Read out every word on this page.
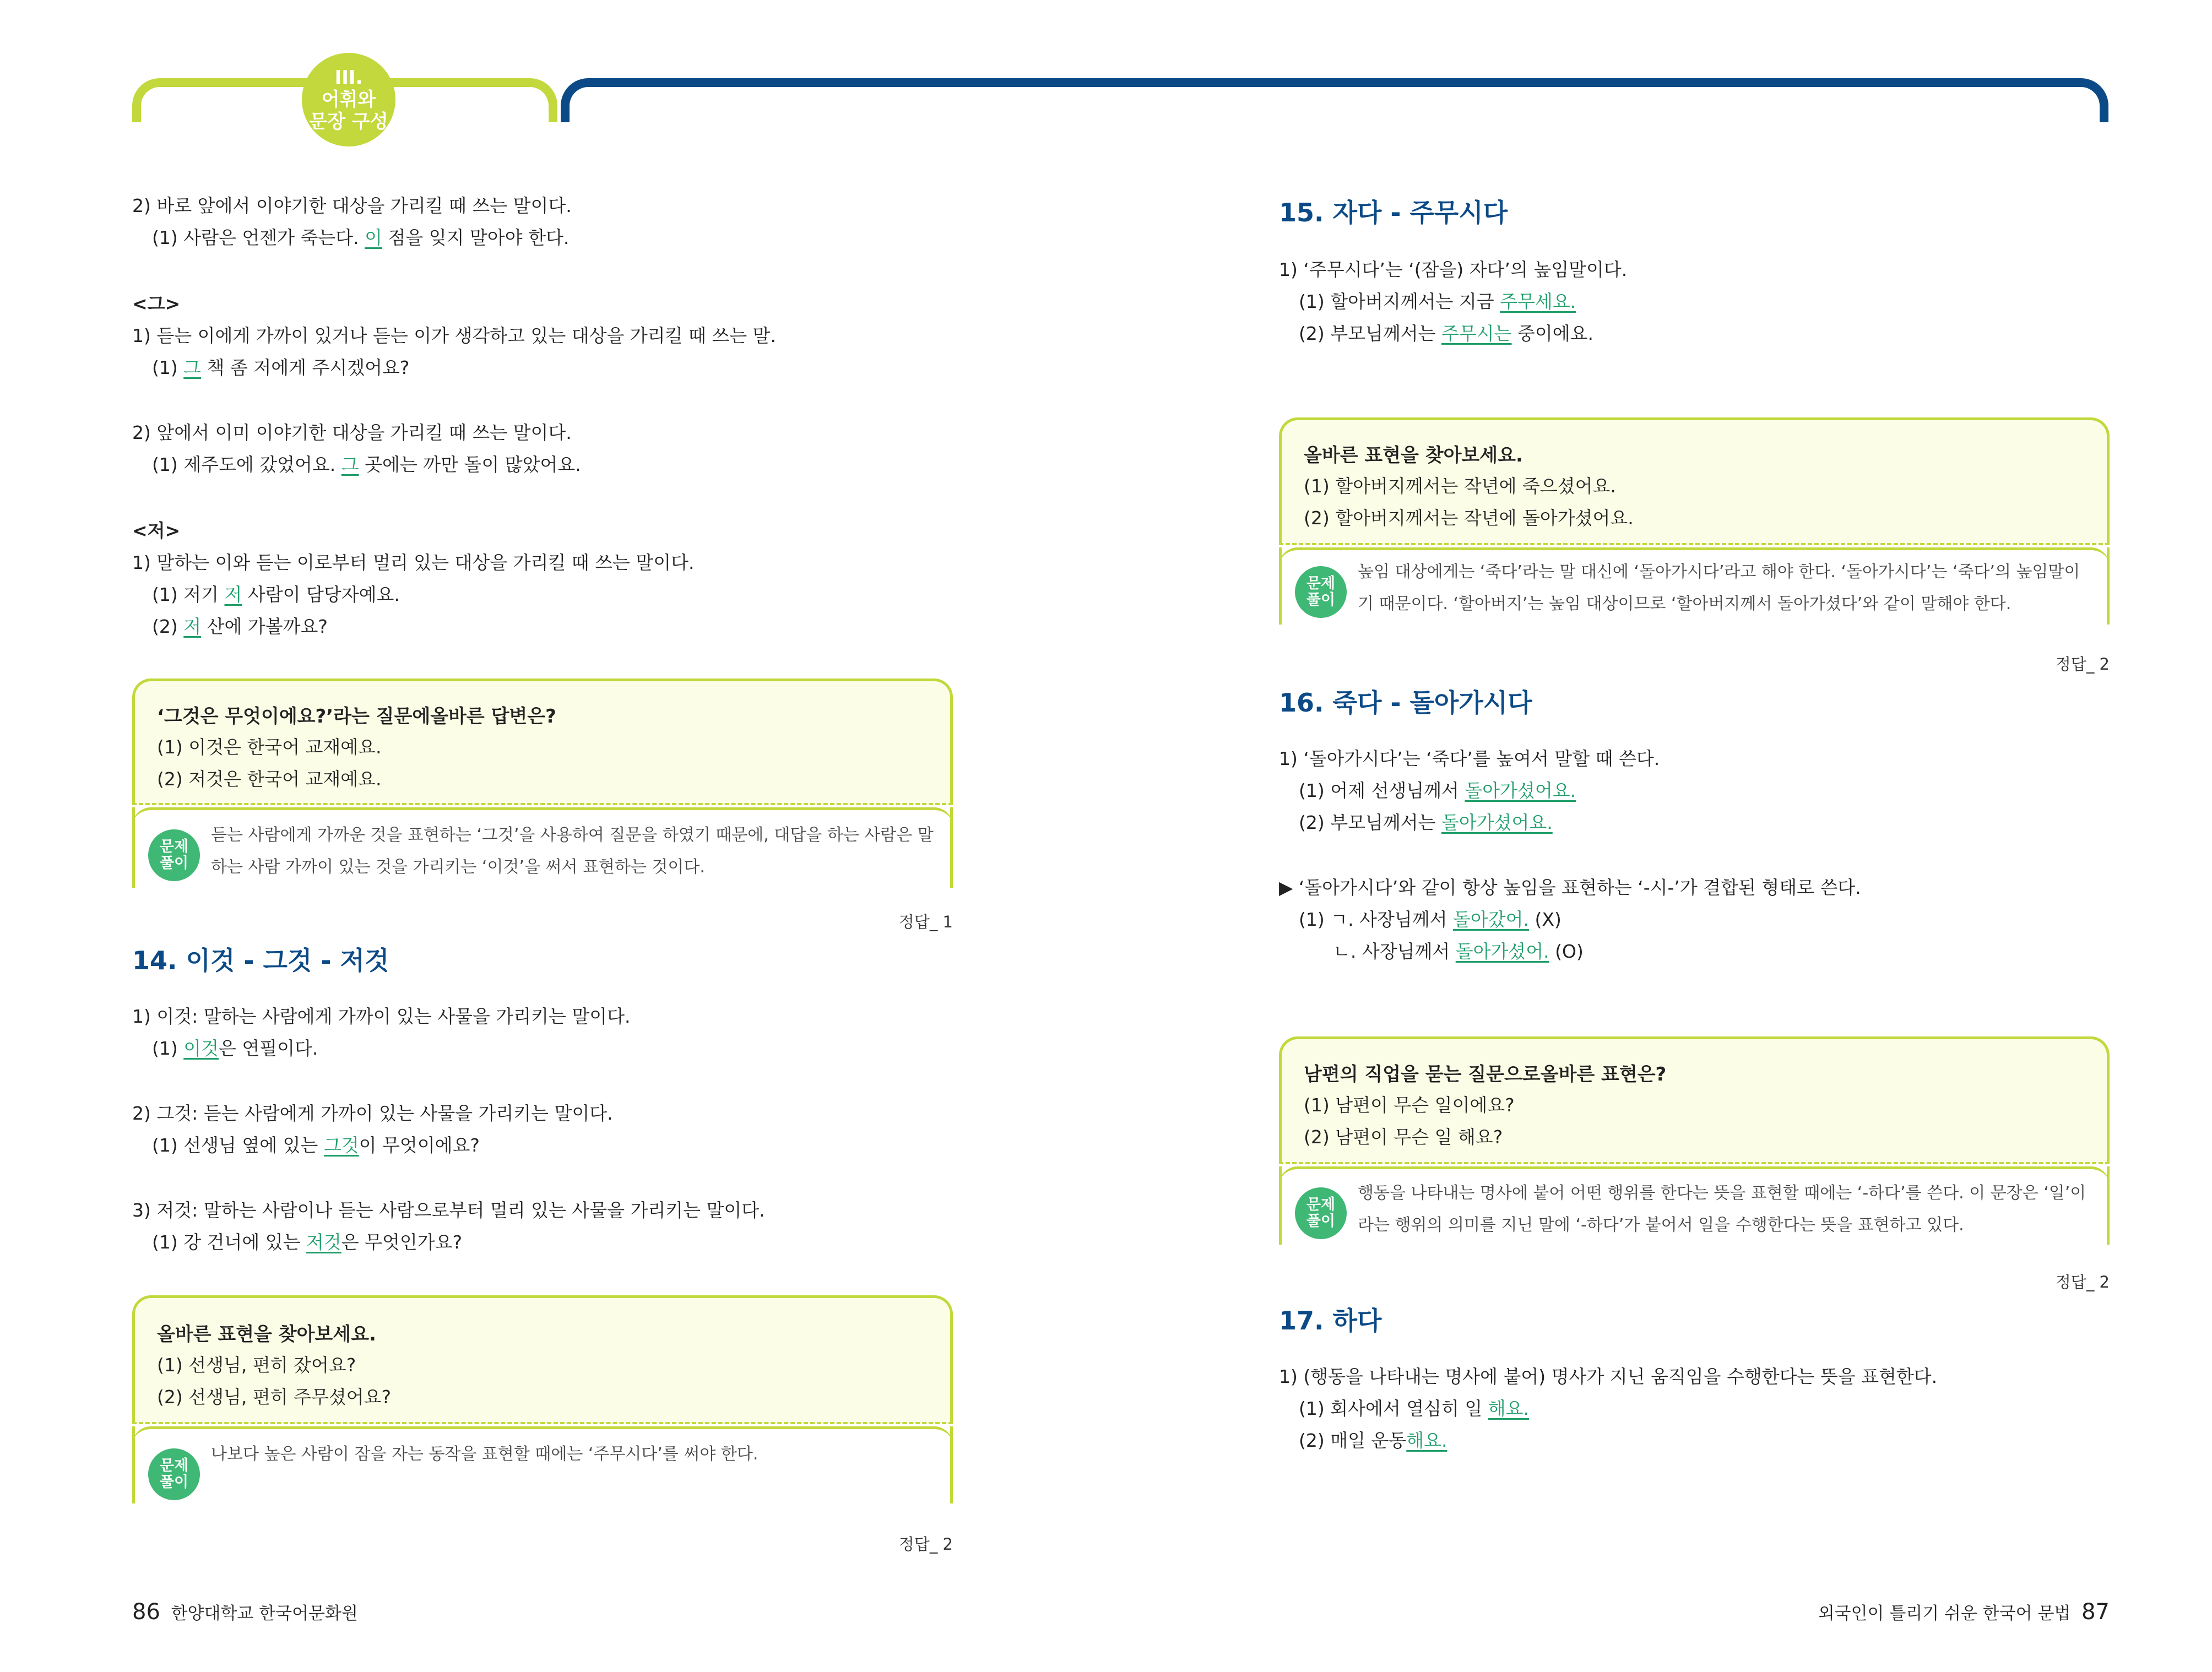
III.
어휘와
문장 구성
2) 바로 앞에서 이야기한 대상을 가리킬 때 쓰는 말이다.
(1) 사람은 언젠가 죽는다. 이 점을 잊지 말아야 한다.
<그>
1) 듣는 이에게 가까이 있거나 듣는 이가 생각하고 있는 대상을 가리킬 때 쓰는 말.
(1) 그 책 좀 저에게 주시겠어요?
2) 앞에서 이미 이야기한 대상을 가리킬 때 쓰는 말이다.
(1) 제주도에 갔었어요. 그 곳에는 까만 돌이 많았어요.
<저>
1) 말하는 이와 듣는 이로부터 멀리 있는 대상을 가리킬 때 쓰는 말이다.
(1) 저기 저 사람이 담당자예요.
(2) 저 산에 가볼까요?
‘그것은 무엇이에요?’라는 질문에올바른 답변은?
(1) 이것은 한국어 교재예요.
(2) 저것은 한국어 교재예요.
문제
풀이
듣는 사람에게 가까운 것을 표현하는 ‘그것’을 사용하여 질문을 하였기 때문에, 대답을 하는 사람은 말하는 사람 가까이 있는 것을 가리키는 ‘이것’을 써서 표현하는 것이다.
정답_ 1
14. 이것 - 그것 - 저것
1) 이것: 말하는 사람에게 가까이 있는 사물을 가리키는 말이다.
(1) 이것은 연필이다.
2) 그것: 듣는 사람에게 가까이 있는 사물을 가리키는 말이다.
(1) 선생님 옆에 있는 그것이 무엇이에요?
3) 저것: 말하는 사람이나 듣는 사람으로부터 멀리 있는 사물을 가리키는 말이다.
(1) 강 건너에 있는 저것은 무엇인가요?
올바른 표현을 찾아보세요.
(1) 선생님, 편히 잤어요?
(2) 선생님, 편히 주무셨어요?
문제
풀이
나보다 높은 사람이 잠을 자는 동작을 표현할 때에는 ‘주무시다’를 써야 한다.
정답_ 2
86 한양대학교 한국어문화원
15. 자다 - 주무시다
1) ‘주무시다’는 ‘(잠을) 자다’의 높임말이다.
(1) 할아버지께서는 지금 주무세요.
(2) 부모님께서는 주무시는 중이에요.
올바른 표현을 찾아보세요.
(1) 할아버지께서는 작년에 죽으셨어요.
(2) 할아버지께서는 작년에 돌아가셨어요.
문제
풀이
높임 대상에게는 ‘죽다’라는 말 대신에 ‘돌아가시다’라고 해야 한다. ‘돌아가시다’는 ‘죽다’의 높임말이기 때문이다. ‘할아버지’는 높임 대상이므로 ‘할아버지께서 돌아가셨다’와 같이 말해야 한다.
정답_ 2
16. 죽다 - 돌아가시다
1) ‘돌아가시다’는 ‘죽다’를 높여서 말할 때 쓴다.
(1) 어제 선생님께서 돌아가셨어요.
(2) 부모님께서는 돌아가셨어요.
▶ ‘돌아가시다’와 같이 항상 높임을 표현하는 ‘-시-’가 결합된 형태로 쓴다.
(1) ㄱ. 사장님께서 돌아갔어. (X)
ㄴ. 사장님께서 돌아가셨어. (O)
남편의 직업을 묻는 질문으로올바른 표현은?
(1) 남편이 무슨 일이에요?
(2) 남편이 무슨 일 해요?
문제
풀이
행동을 나타내는 명사에 붙어 어떤 행위를 한다는 뜻을 표현할 때에는 ‘-하다’를 쓴다. 이 문장은 ‘일’이라는 행위의 의미를 지닌 말에 ‘-하다’가 붙어서 일을 수행한다는 뜻을 표현하고 있다.
정답_ 2
17. 하다
1) (행동을 나타내는 명사에 붙어) 명사가 지닌 움직임을 수행한다는 뜻을 표현한다.
(1) 회사에서 열심히 일 해요.
(2) 매일 운동해요.
외국인이 틀리기 쉬운 한국어 문법 87
